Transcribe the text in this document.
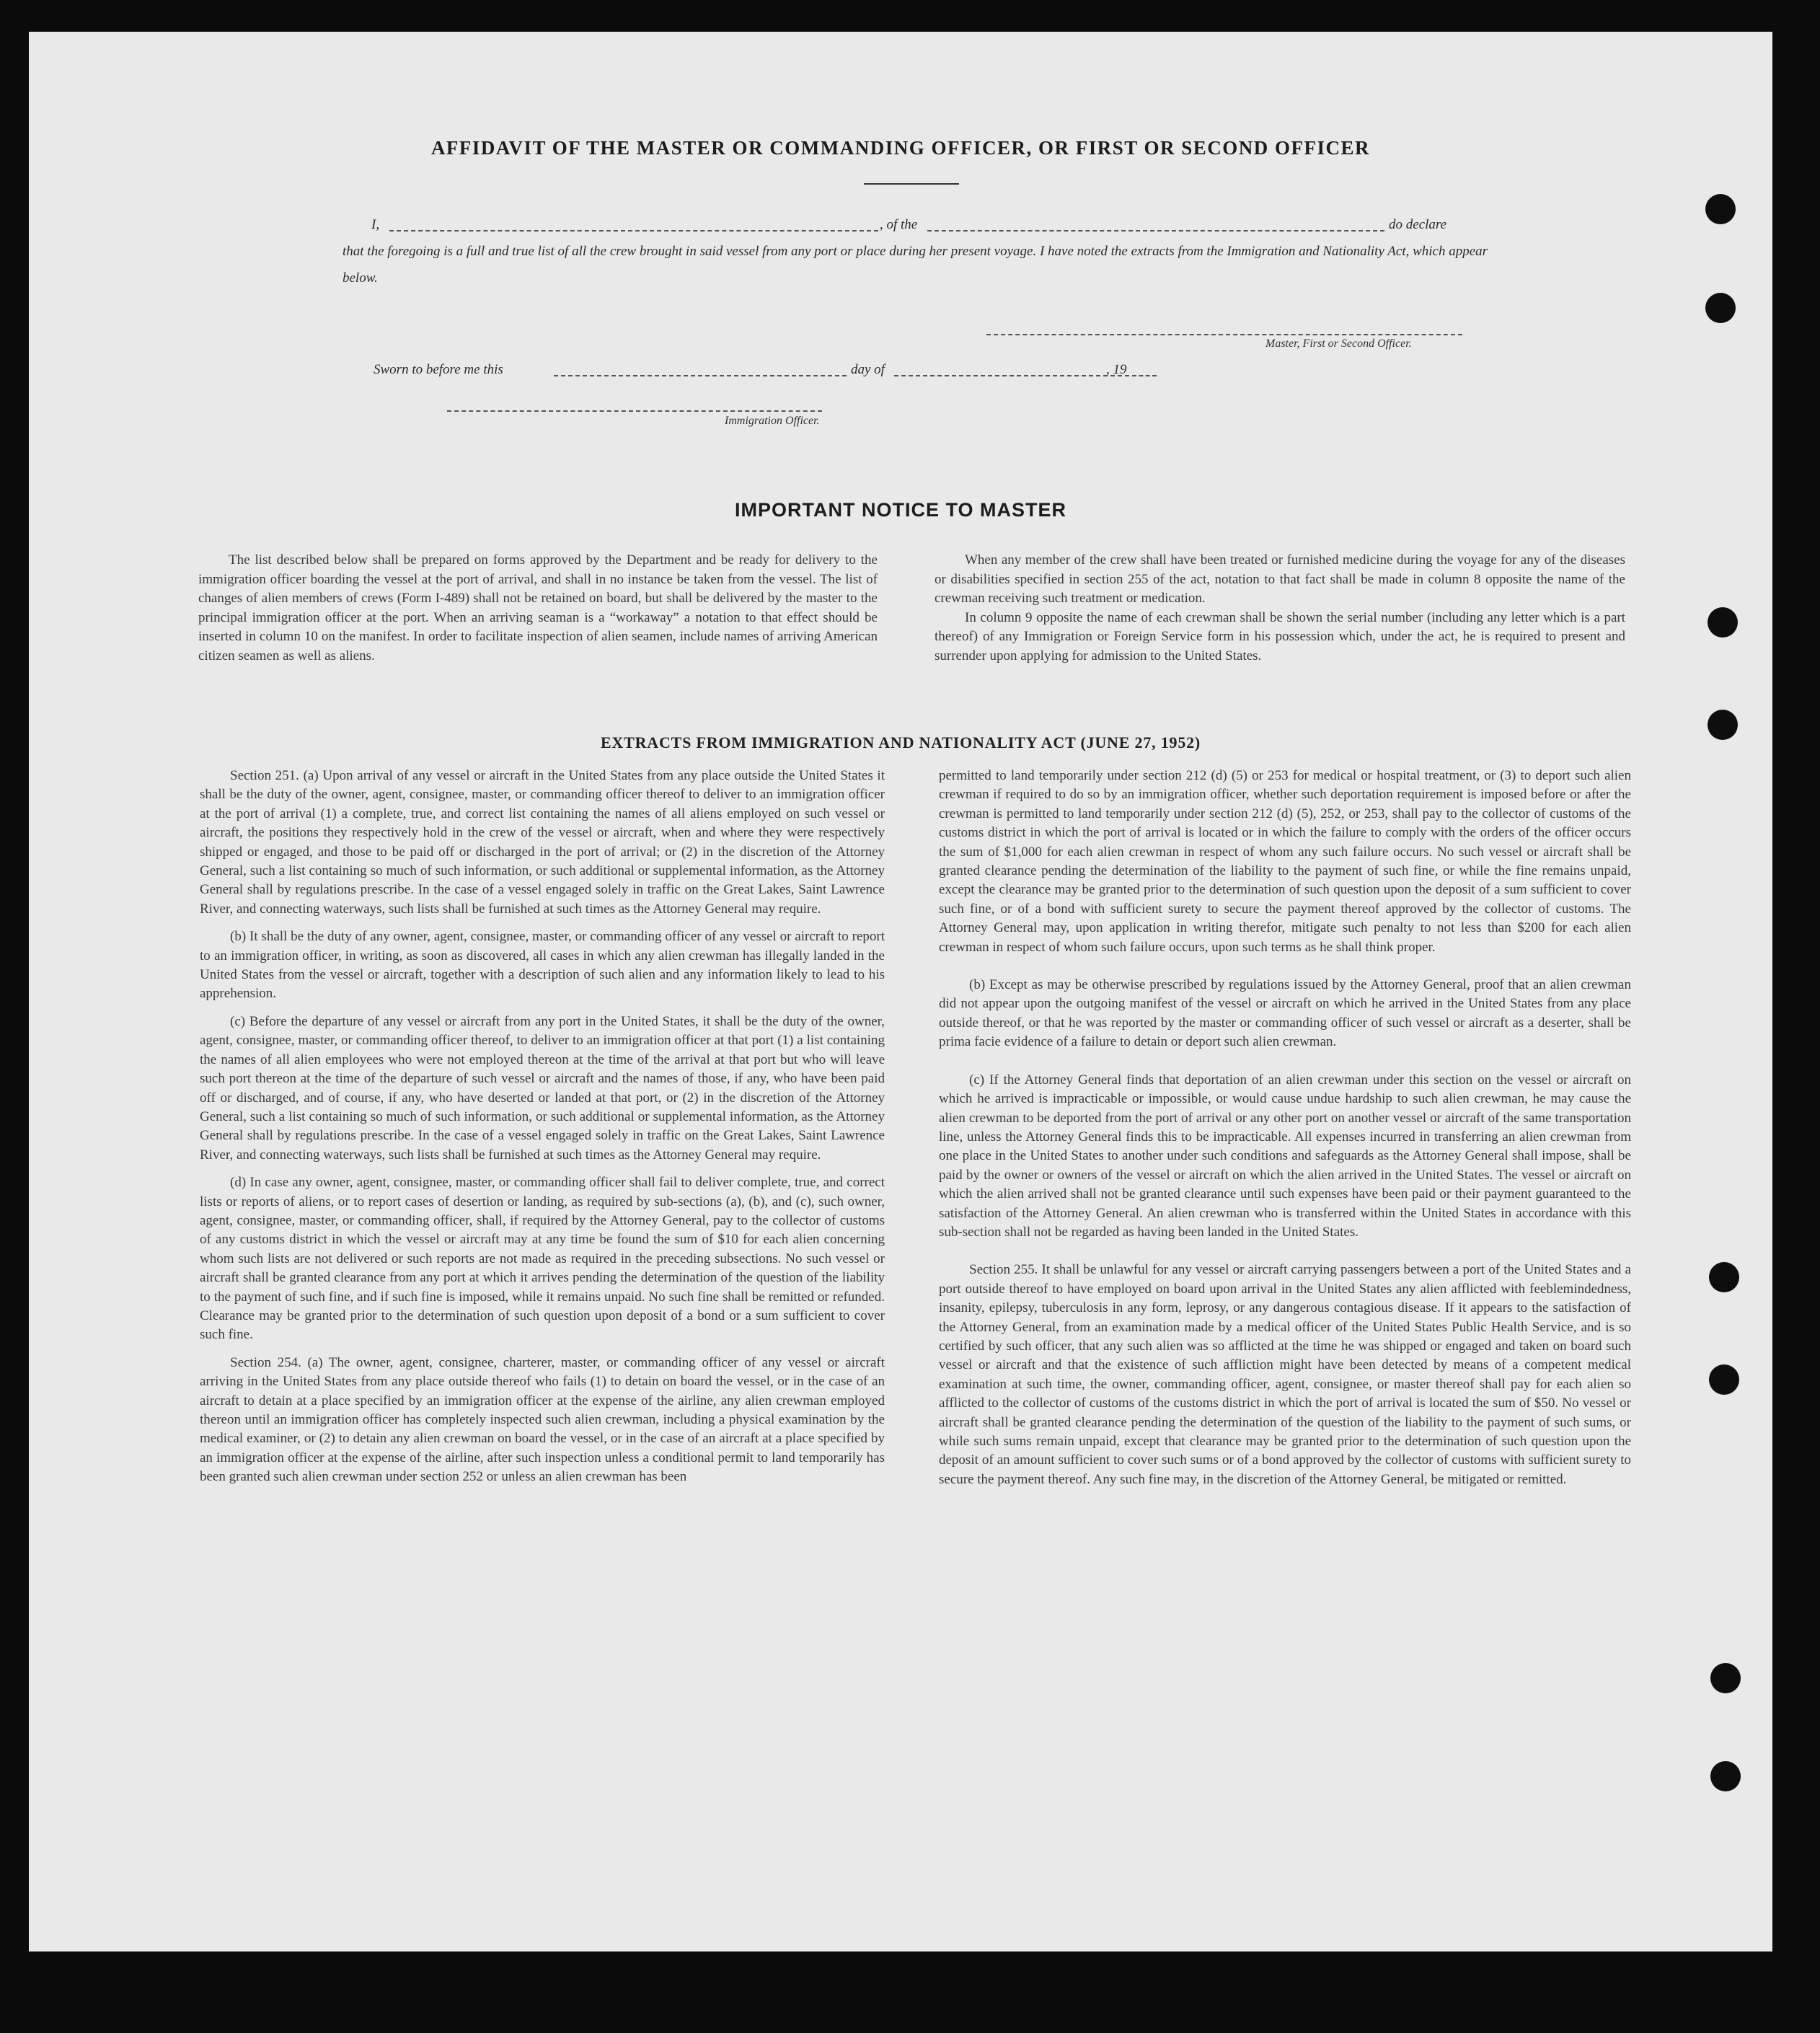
AFFIDAVIT OF THE MASTER OR COMMANDING OFFICER, OR FIRST OR SECOND OFFICER
I,	, of the	do declare
that the foregoing is a full and true list of all the crew brought in said vessel from any port or place during her present voyage. I have noted the extracts from the Immigration and Nationality Act, which appear below.
Master, First or Second Officer.
Sworn to before me this	day of	, 19
Immigration Officer.
IMPORTANT NOTICE TO MASTER

The list described below shall be prepared on forms approved by the Department and be ready for delivery to the immigration officer boarding the vessel at the port of arrival, and shall in no instance be taken from the vessel. The list of changes of alien members of crews (Form I-489) shall not be retained on board, but shall be delivered by the master to the principal immigration officer at the port. When an arriving seaman is a “workaway” a notation to that effect should be inserted in column 10 on the manifest. In order to facilitate inspection of alien seamen, include names of arriving American citizen seamen as well as aliens.

When any member of the crew shall have been treated or furnished medicine during the voyage for any of the diseases or disabilities specified in section 255 of the act, notation to that fact shall be made in column 8 opposite the name of the crewman receiving such treatment or medication.

In column 9 opposite the name of each crewman shall be shown the serial number (including any letter which is a part thereof) of any Immigration or Foreign Service form in his possession which, under the act, he is required to present and surrender upon applying for admission to the United States.

EXTRACTS FROM IMMIGRATION AND NATIONALITY ACT (JUNE 27, 1952)

Section 251. (a) Upon arrival of any vessel or aircraft in the United States from any place outside the United States it shall be the duty of the owner, agent, consignee, master, or commanding officer thereof to deliver to an immigration officer at the port of arrival (1) a complete, true, and correct list containing the names of all aliens employed on such vessel or aircraft, the positions they respectively hold in the crew of the vessel or aircraft, when and where they were respectively shipped or engaged, and those to be paid off or discharged in the port of arrival; or (2) in the discretion of the Attorney General, such a list containing so much of such information, or such additional or supplemental information, as the Attorney General shall by regulations prescribe. In the case of a vessel engaged solely in traffic on the Great Lakes, Saint Lawrence River, and connecting waterways, such lists shall be furnished at such times as the Attorney General may require.

(b) It shall be the duty of any owner, agent, consignee, master, or commanding officer of any vessel or aircraft to report to an immigration officer, in writing, as soon as discovered, all cases in which any alien crewman has illegally landed in the United States from the vessel or aircraft, together with a description of such alien and any information likely to lead to his apprehension.

(c) Before the departure of any vessel or aircraft from any port in the United States, it shall be the duty of the owner, agent, consignee, master, or commanding officer thereof, to deliver to an immigration officer at that port (1) a list containing the names of all alien employees who were not employed thereon at the time of the arrival at that port but who will leave such port thereon at the time of the departure of such vessel or aircraft and the names of those, if any, who have been paid off or discharged, and of course, if any, who have deserted or landed at that port, or (2) in the discretion of the Attorney General, such a list containing so much of such information, or such additional or supplemental information, as the Attorney General shall by regulations prescribe. In the case of a vessel engaged solely in traffic on the Great Lakes, Saint Lawrence River, and connecting waterways, such lists shall be furnished at such times as the Attorney General may require.

(d) In case any owner, agent, consignee, master, or commanding officer shall fail to deliver complete, true, and correct lists or reports of aliens, or to report cases of desertion or landing, as required by sub-sections (a), (b), and (c), such owner, agent, consignee, master, or commanding officer, shall, if required by the Attorney General, pay to the collector of customs of any customs district in which the vessel or aircraft may at any time be found the sum of $10 for each alien concerning whom such lists are not delivered or such reports are not made as required in the preceding subsections. No such vessel or aircraft shall be granted clearance from any port at which it arrives pending the determination of the question of the liability to the payment of such fine, and if such fine is imposed, while it remains unpaid. No such fine shall be remitted or refunded. Clearance may be granted prior to the determination of such question upon deposit of a bond or a sum sufficient to cover such fine.

Section 254. (a) The owner, agent, consignee, charterer, master, or commanding officer of any vessel or aircraft arriving in the United States from any place outside thereof who fails (1) to detain on board the vessel, or in the case of an aircraft to detain at a place specified by an immigration officer at the expense of the airline, any alien crewman employed thereon until an immigration officer has completely inspected such alien crewman, including a physical examination by the medical examiner, or (2) to detain any alien crewman on board the vessel, or in the case of an aircraft at a place specified by an immigration officer at the expense of the airline, after such inspection unless a conditional permit to land temporarily has been granted such alien crewman under section 252 or unless an alien crewman has been

permitted to land temporarily under section 212 (d) (5) or 253 for medical or hospital treatment, or (3) to deport such alien crewman if required to do so by an immigration officer, whether such deportation requirement is imposed before or after the crewman is permitted to land temporarily under section 212 (d) (5), 252, or 253, shall pay to the collector of customs of the customs district in which the port of arrival is located or in which the failure to comply with the orders of the officer occurs the sum of $1,000 for each alien crewman in respect of whom any such failure occurs. No such vessel or aircraft shall be granted clearance pending the determination of the liability to the payment of such fine, or while the fine remains unpaid, except the clearance may be granted prior to the determination of such question upon the deposit of a sum sufficient to cover such fine, or of a bond with sufficient surety to secure the payment thereof approved by the collector of customs. The Attorney General may, upon application in writing therefor, mitigate such penalty to not less than $200 for each alien crewman in respect of whom such failure occurs, upon such terms as he shall think proper.

(b) Except as may be otherwise prescribed by regulations issued by the Attorney General, proof that an alien crewman did not appear upon the outgoing manifest of the vessel or aircraft on which he arrived in the United States from any place outside thereof, or that he was reported by the master or commanding officer of such vessel or aircraft as a deserter, shall be prima facie evidence of a failure to detain or deport such alien crewman.

(c) If the Attorney General finds that deportation of an alien crewman under this section on the vessel or aircraft on which he arrived is impracticable or impossible, or would cause undue hardship to such alien crewman, he may cause the alien crewman to be deported from the port of arrival or any other port on another vessel or aircraft of the same transportation line, unless the Attorney General finds this to be impracticable. All expenses incurred in transferring an alien crewman from one place in the United States to another under such conditions and safeguards as the Attorney General shall impose, shall be paid by the owner or owners of the vessel or aircraft on which the alien arrived in the United States. The vessel or aircraft on which the alien arrived shall not be granted clearance until such expenses have been paid or their payment guaranteed to the satisfaction of the Attorney General. An alien crewman who is transferred within the United States in accordance with this sub-section shall not be regarded as having been landed in the United States.

Section 255. It shall be unlawful for any vessel or aircraft carrying passengers between a port of the United States and a port outside thereof to have employed on board upon arrival in the United States any alien afflicted with feeblemindedness, insanity, epilepsy, tuberculosis in any form, leprosy, or any dangerous contagious disease. If it appears to the satisfaction of the Attorney General, from an examination made by a medical officer of the United States Public Health Service, and is so certified by such officer, that any such alien was so afflicted at the time he was shipped or engaged and taken on board such vessel or aircraft and that the existence of such affliction might have been detected by means of a competent medical examination at such time, the owner, commanding officer, agent, consignee, or master thereof shall pay for each alien so afflicted to the collector of customs of the customs district in which the port of arrival is located the sum of $50. No vessel or aircraft shall be granted clearance pending the determination of the question of the liability to the payment of such sums, or while such sums remain unpaid, except that clearance may be granted prior to the determination of such question upon the deposit of an amount sufficient to cover such sums or of a bond approved by the collector of customs with sufficient surety to secure the payment thereof. Any such fine may, in the discretion of the Attorney General, be mitigated or remitted.
